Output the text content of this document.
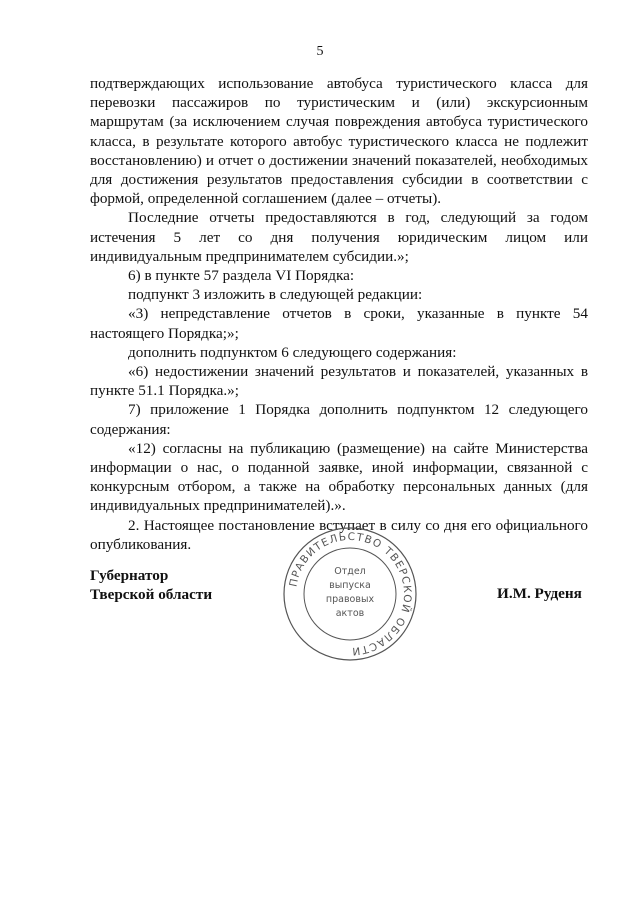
5

подтверждающих использование автобуса туристического класса для перевозки пассажиров по туристическим и (или) экскурсионным маршрутам (за исключением случая повреждения автобуса туристического класса, в результате которого автобус туристического класса не подлежит восстановлению) и отчет о достижении значений показателей, необходимых для достижения результатов предоставления субсидии в соответствии с формой, определенной соглашением (далее – отчеты).

Последние отчеты предоставляются в год, следующий за годом истечения 5 лет со дня получения юридическим лицом или индивидуальным предпринимателем субсидии.»;

6) в пункте 57 раздела VI Порядка:

подпункт 3 изложить в следующей редакции:

«3) непредставление отчетов в сроки, указанные в пункте 54 настоящего Порядка;»;

дополнить подпунктом 6 следующего содержания:

«6) недостижении значений результатов и показателей, указанных в пункте 51.1 Порядка.»;

7) приложение 1 Порядка дополнить подпунктом 12 следующего содержания:

«12) согласны на публикацию (размещение) на сайте Министерства информации о нас, о поданной заявке, иной информации, связанной с конкурсным отбором, а также на обработку персональных данных (для индивидуальных предпринимателей).».

2. Настоящее постановление вступает в силу со дня его официального опубликования.

Губернатор
Тверской области	И.М. Руденя
ПРАВИТЕЛЬСТВО ТВЕРСКОЙ ОБЛАСТИ
Отдел
выпуска
правовых
актов
